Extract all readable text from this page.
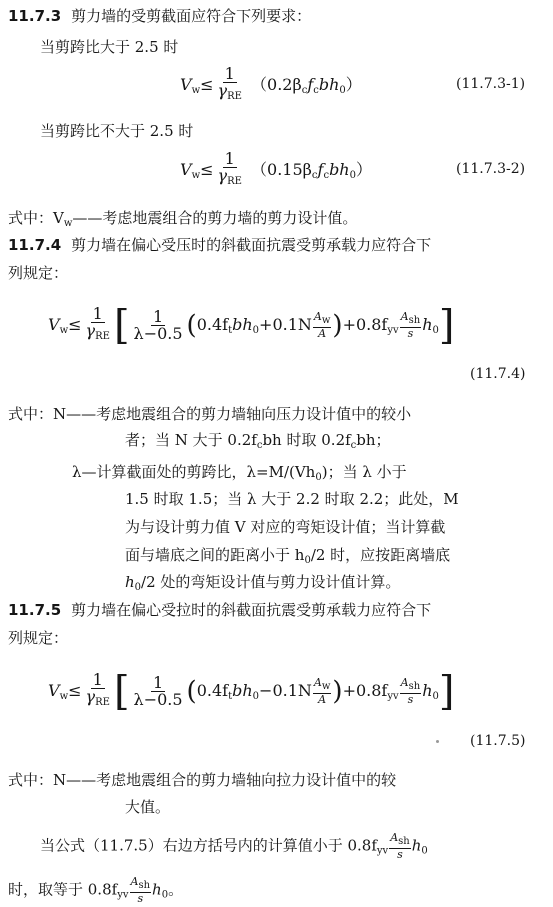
11.7.3 剪力墙的受剪截面应符合下列要求：
当剪跨比大于 2.5 时
$V_w\le \frac{1}{\gamma_{RE}} (0.2\beta_cf_cbh_0)$	(11.7.3-1)
当剪跨比不大于 2.5 时
$V_w\le \frac{1}{\gamma_{RE}} (0.15\beta_cf_cbh_0)$	(11.7.3-2)
式中：$V_w——$考虑地震组合的剪力墙的剪力设计值。
11.7.4 剪力墙在偏心受压时的斜截面抗震受剪承载力应符合下
列规定：
$V_w\le \frac{1}{\gamma_{RE}}$ [ $\frac{1}{\lambda-0.5} (0.4f_tbh_0+0.1N \frac{Aw}{A} )+0.8f_{yv}$
Ash
s $h_0$]
(11.7.4)
式中：N——考虑地震组合的剪力墙轴向压力设计值中的较小
者；当 N 大于 $0.2f_cbh$ 时取 $0.2f_cbh$；
λ—计算截面处的剪跨比，$\lambda=M/(Vh_0)$；当 λ 小于
1.5 时取 1.5；当 λ 大于 2.2 时取 2.2；此处，M
为与设计剪力值 V 对应的弯矩设计值；当计算截
面与墙底之间的距离小于 $h_0/2$ 时，应按距离墙底
$h_0/2$ 处的弯矩设计值与剪力设计值计算。
11.7.5 剪力墙在偏心受拉时的斜截面抗震受剪承载力应符合下
列规定：
$V_w\le \frac{1}{\gamma_{RE}}$ [ $\frac{1}{\lambda-0.5} (0.4f_tbh_0-0.1N \frac{Aw}{A} )+0.8f_{yv}$
Ash
s $h_0$]
(11.7.5)
式中：N——考虑地震组合的剪力墙轴向拉力设计值中的较
大值。
当公式（11.7.5）右边方括号内的计算值小于 $0.8f_{yv}$
Ash
s $h_0$
时，取等于 $0.8f_{yv}$
Ash
s $h_0$。
